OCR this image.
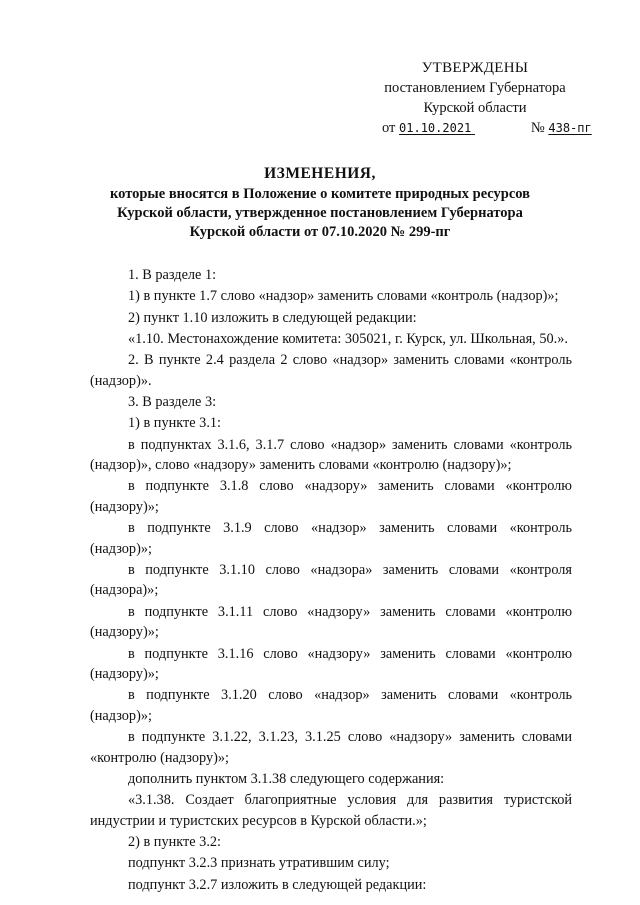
УТВЕРЖДЕНЫ
постановлением Губернатора
Курской области
от 01.10.2021	№ 438-пг
ИЗМЕНЕНИЯ,
которые вносятся в Положение о комитете природных ресурсов
Курской области, утвержденное постановлением Губернатора
Курской области от 07.10.2020 № 299-пг

1. В разделе 1:

1) в пункте 1.7 слово «надзор» заменить словами «контроль (надзор)»;

2) пункт 1.10 изложить в следующей редакции:

«1.10. Местонахождение комитета: 305021, г. Курск, ул. Школьная, 50.».

2. В пункте 2.4 раздела 2 слово «надзор» заменить словами «контроль (надзор)».

3. В разделе 3:

1) в пункте 3.1:

в подпунктах 3.1.6, 3.1.7 слово «надзор» заменить словами «контроль (надзор)», слово «надзору» заменить словами «контролю (надзору)»;

в подпункте 3.1.8 слово «надзору» заменить словами «контролю (надзору)»;

в подпункте 3.1.9 слово «надзор» заменить словами «контроль (надзор)»;

в подпункте 3.1.10 слово «надзора» заменить словами «контроля (надзора)»;

в подпункте 3.1.11 слово «надзору» заменить словами «контролю (надзору)»;

в подпункте 3.1.16 слово «надзору» заменить словами «контролю (надзору)»;

в подпункте 3.1.20 слово «надзор» заменить словами «контроль (надзор)»;

в подпункте 3.1.22, 3.1.23, 3.1.25 слово «надзору» заменить словами «контролю (надзору)»;

дополнить пунктом 3.1.38 следующего содержания:

«3.1.38. Создает благоприятные условия для развития туристской индустрии и туристских ресурсов в Курской области.»;

2) в пункте 3.2:

подпункт 3.2.3 признать утратившим силу;

подпункт 3.2.7 изложить в следующей редакции:
